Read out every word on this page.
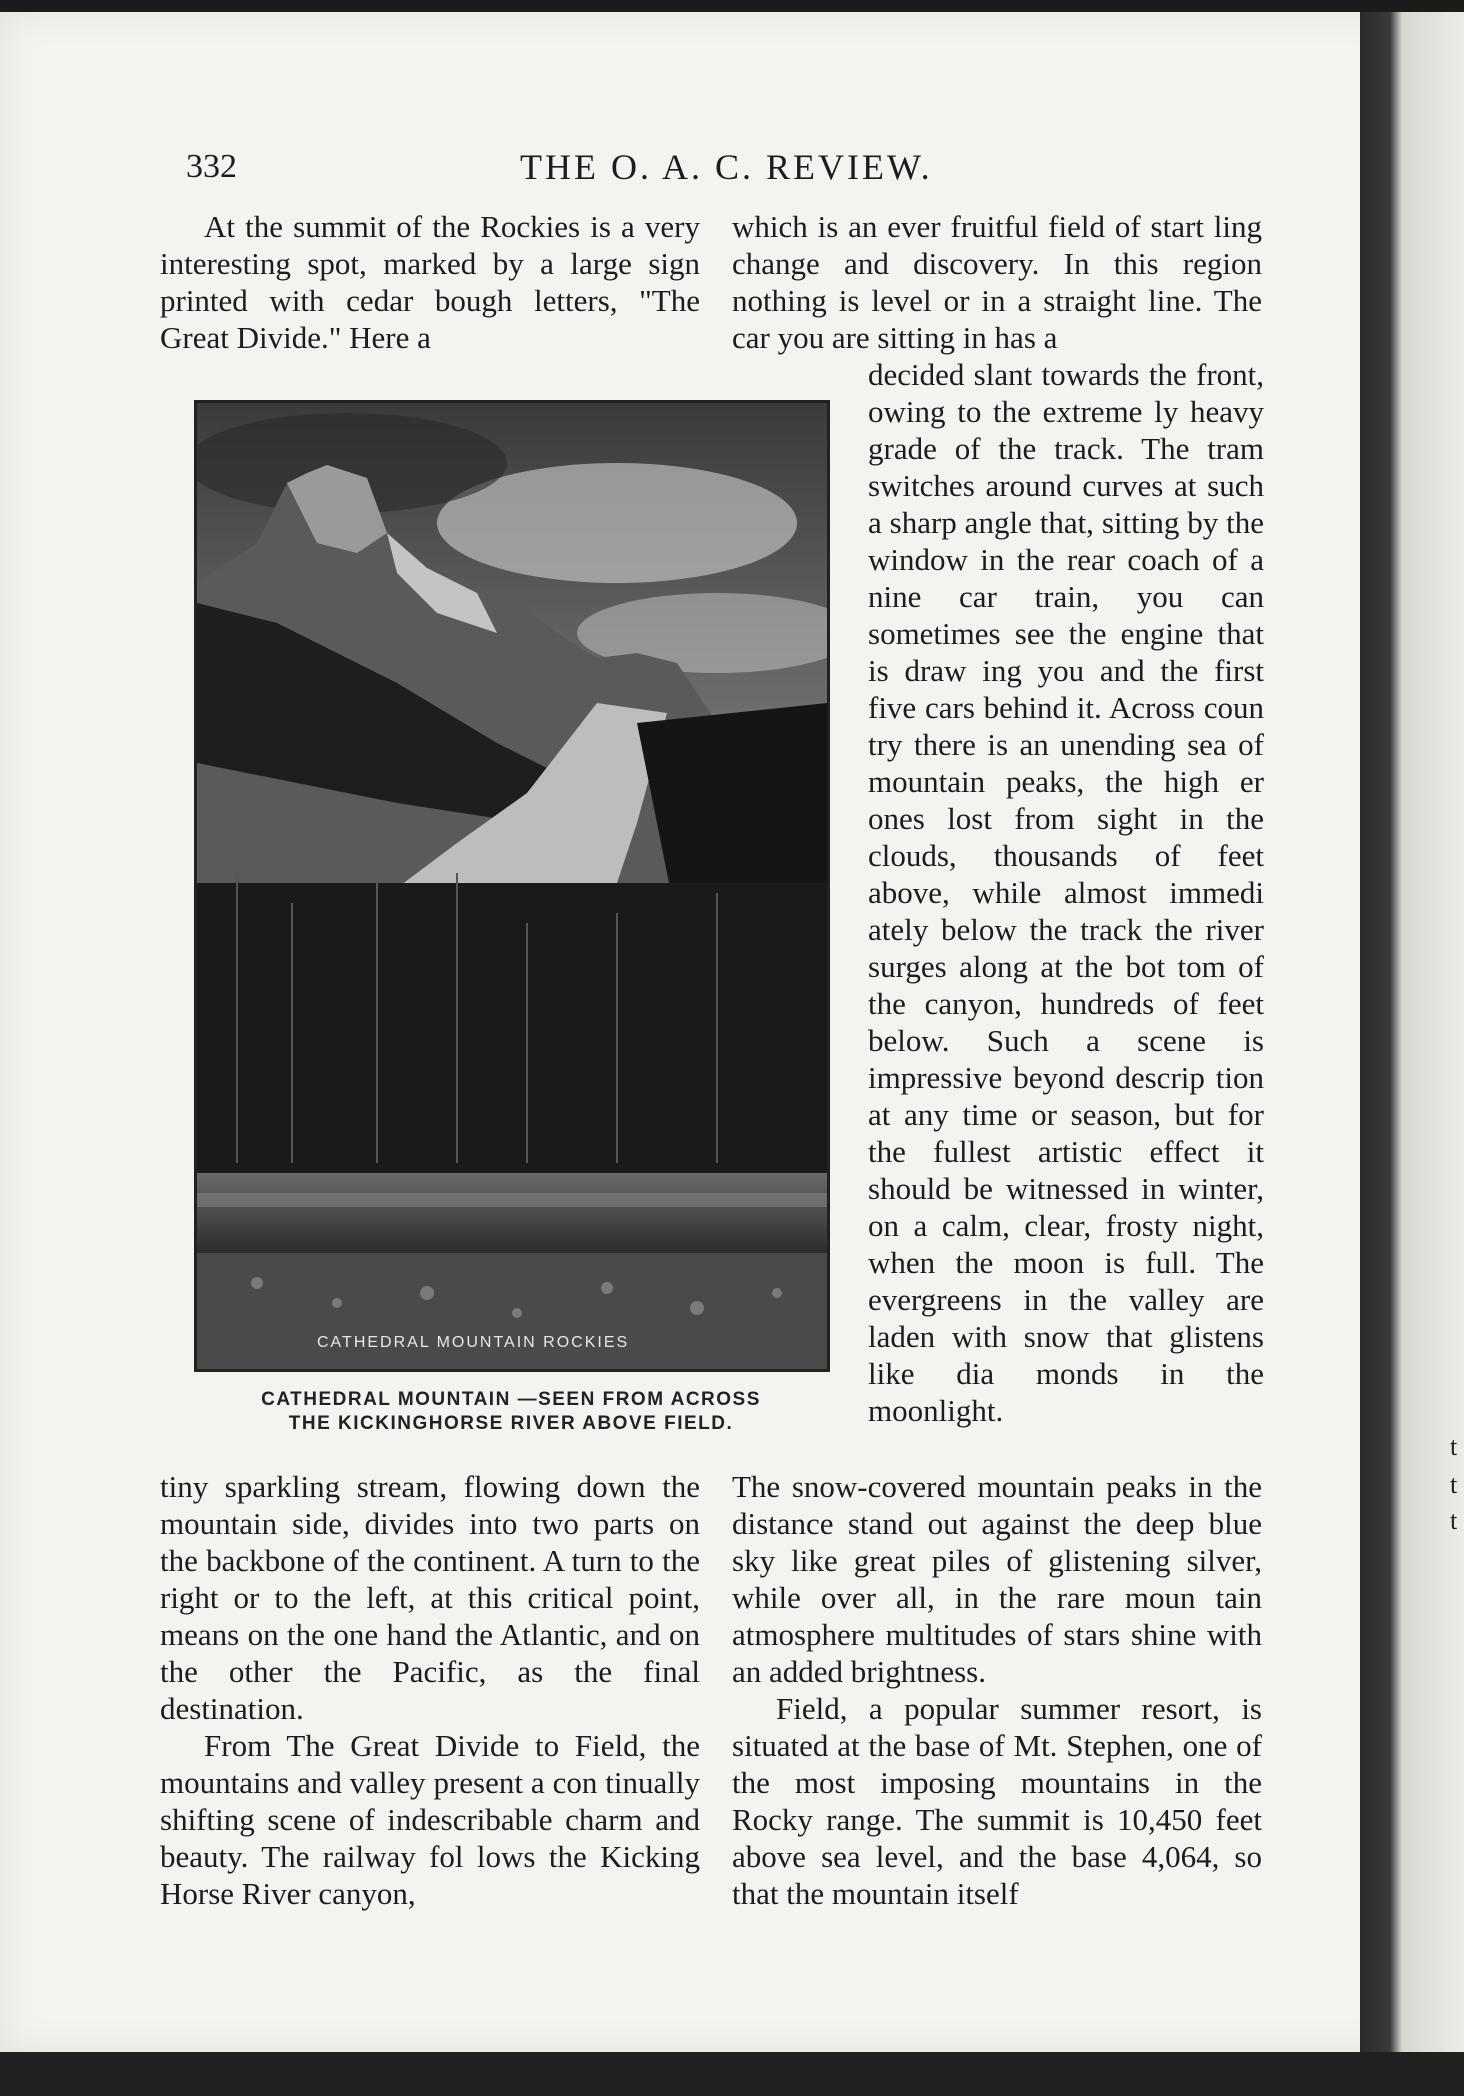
t
t
t
332	THE O. A. C. REVIEW.

At the summit of the Rockies is a very interesting spot, marked by a large sign printed with cedar bough letters, "The Great Divide." Here a

which is an ever fruitful field of start ling change and discovery. In this region nothing is level or in a straight line. The car you are sitting in has a

decided slant towards the front, owing to the extreme ly heavy grade of the track. The tram switches around curves at such a sharp angle that, sitting by the window in the rear coach of a nine car train, you can sometimes see the engine that is draw ing you and the first five cars behind it. Across coun try there is an unending sea of mountain peaks, the high er ones lost from sight in the clouds, thousands of feet above, while almost immedi ately below the track the river surges along at the bot tom of the canyon, hundreds of feet below. Such a scene is impressive beyond descrip tion at any time or season, but for the fullest artistic effect it should be witnessed in winter, on a calm, clear, frosty night, when the moon is full. The evergreens in the valley are laden with snow that glistens like dia monds in the moonlight.

CATHEDRAL MOUNTAIN ROCKIES
CATHEDRAL MOUNTAIN —SEEN FROM ACROSS
THE KICKINGHORSE RIVER ABOVE FIELD.

tiny sparkling stream, flowing down the mountain side, divides into two parts on the backbone of the continent. A turn to the right or to the left, at this critical point, means on the one hand the Atlantic, and on the other the Pacific, as the final destination.

From The Great Divide to Field, the mountains and valley present a con tinually shifting scene of indescribable charm and beauty. The railway fol lows the Kicking Horse River canyon,

The snow-covered mountain peaks in the distance stand out against the deep blue sky like great piles of glistening silver, while over all, in the rare moun tain atmosphere multitudes of stars shine with an added brightness.

Field, a popular summer resort, is situated at the base of Mt. Stephen, one of the most imposing mountains in the Rocky range. The summit is 10,450 feet above sea level, and the base 4,064, so that the mountain itself
